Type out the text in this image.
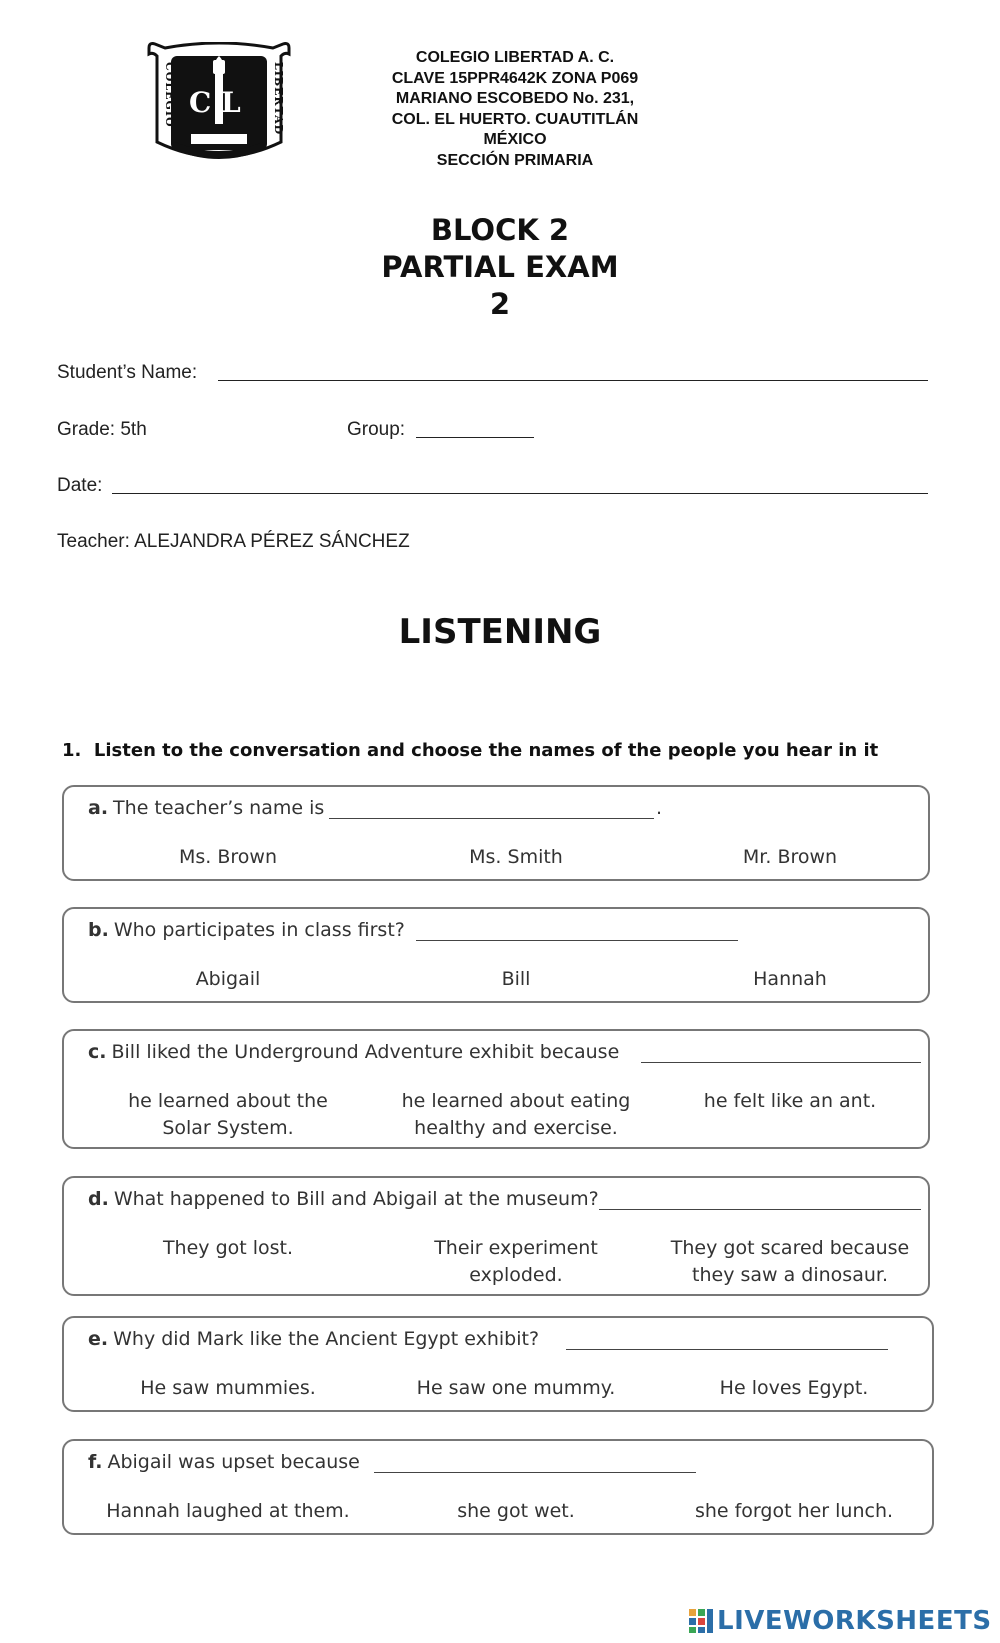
C L
COLEGIO	LIBERTAD
COLEGIO LIBERTAD A. C.
CLAVE 15PPR4642K ZONA P069
MARIANO ESCOBEDO No. 231,
COL. EL HUERTO. CUAUTITLÁN
MÉXICO
SECCIÓN PRIMARIA
BLOCK 2
PARTIAL EXAM
2
Student’s Name:
Grade: 5th	Group:
Date:
Teacher: ALEJANDRA PÉREZ SÁNCHEZ
LISTENING
1. Listen to the conversation and choose the names of the people you hear in it
a. The teacher’s name is	.
Ms. Brown	Ms. Smith	Mr. Brown
b. Who participates in class first?
Abigail	Bill	Hannah
c. Bill liked the Underground Adventure exhibit because
he learned about the Solar System.
he learned about eating healthy and exercise.
he felt like an ant.
d. What happened to Bill and Abigail at the museum?
They got lost.	Their experiment exploded.
They got scared because they saw a dinosaur.
e. Why did Mark like the Ancient Egypt exhibit?
He saw mummies.	He saw one mummy.	He loves Egypt.
f. Abigail was upset because
Hannah laughed at them.	she got wet.	she forgot her lunch.
LIVEWORKSHEETS
